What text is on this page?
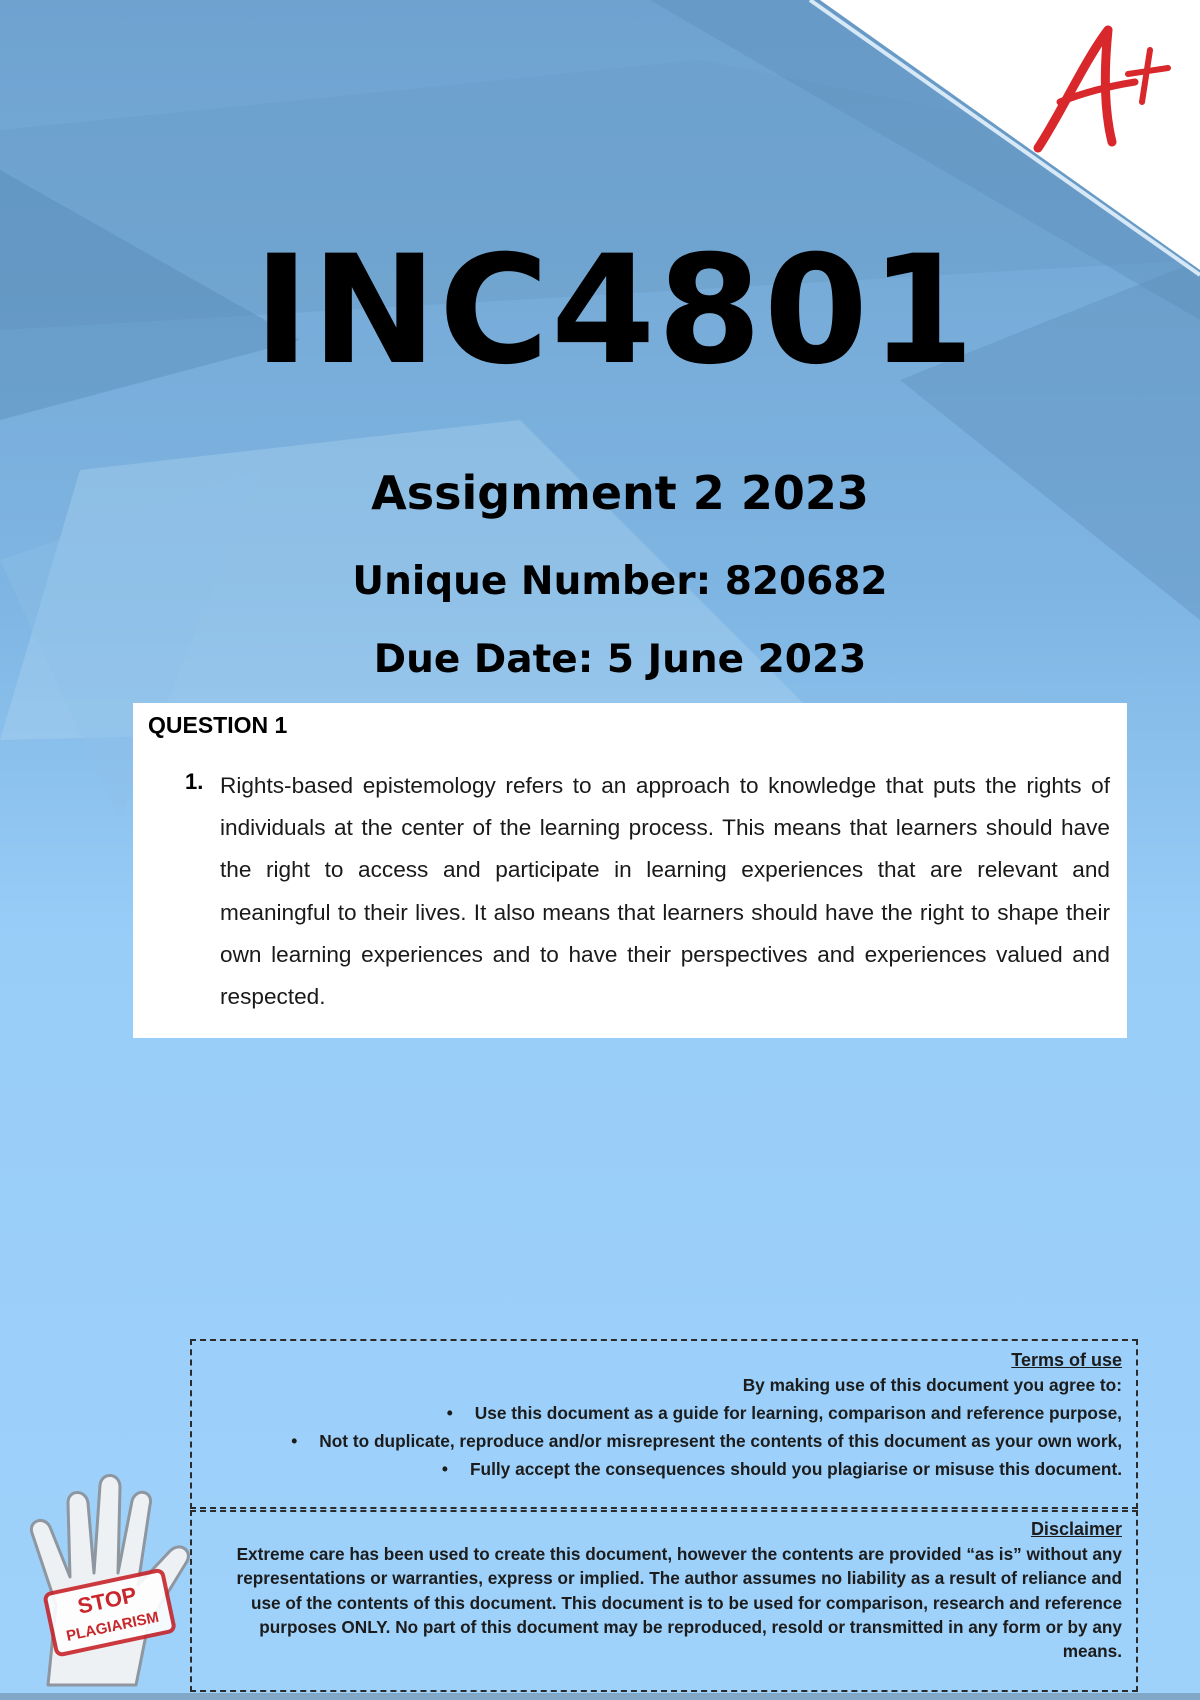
INC4801
Assignment 2 2023
Unique Number: 820682
Due Date: 5 June 2023
QUESTION 1
1. Rights-based epistemology refers to an approach to knowledge that puts the rights of individuals at the center of the learning process. This means that learners should have the right to access and participate in learning experiences that are relevant and meaningful to their lives. It also means that learners should have the right to shape their own learning experiences and to have their perspectives and experiences valued and respected.

Terms of use
By making use of this document you agree to:
• Use this document as a guide for learning, comparison and reference purpose,
• Not to duplicate, reproduce and/or misrepresent the contents of this document as your own work,
• Fully accept the consequences should you plagiarise or misuse this document.
Disclaimer

Extreme care has been used to create this document, however the contents are provided “as is” without any representations or warranties, express or implied. The author assumes no liability as a result of reliance and use of the contents of this document. This document is to be used for comparison, research and reference purposes ONLY. No part of this document may be reproduced, resold or transmitted in any form or by any means.

STOP
PLAGIARISM
